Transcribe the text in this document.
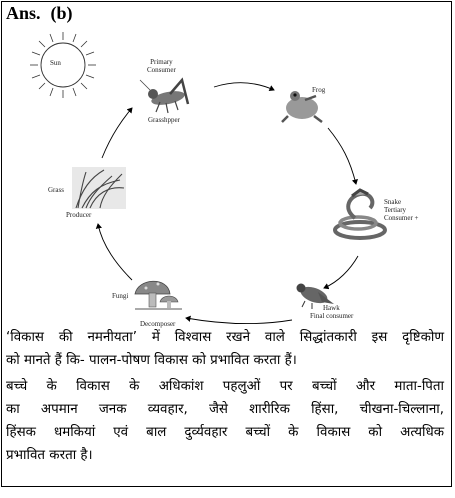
Ans. (b)
Sun	Primary
Consumer
Grasshpper
Frog
Snake
Tertiary
Consumer +
Hawk
Final consumer
Fungi
Decomposer
Grass
Producer

‘विकास की नमनीयता’ में विश्वास रखने वाले सिद्धांतकारी इस दृष्टिकोण

को मानते हैं कि- पालन-पोषण विकास को प्रभावित करता हैं।

बच्चे के विकास के अधिकांश पहलुओं पर बच्चों और माता-पिता

का अपमान जनक व्यवहार, जैसे शारीरिक हिंसा, चीखना-चिल्लाना,

हिंसक धमकियां एवं बाल दुर्व्यवहार बच्चों के विकास को अत्यधिक

प्रभावित करता है।
